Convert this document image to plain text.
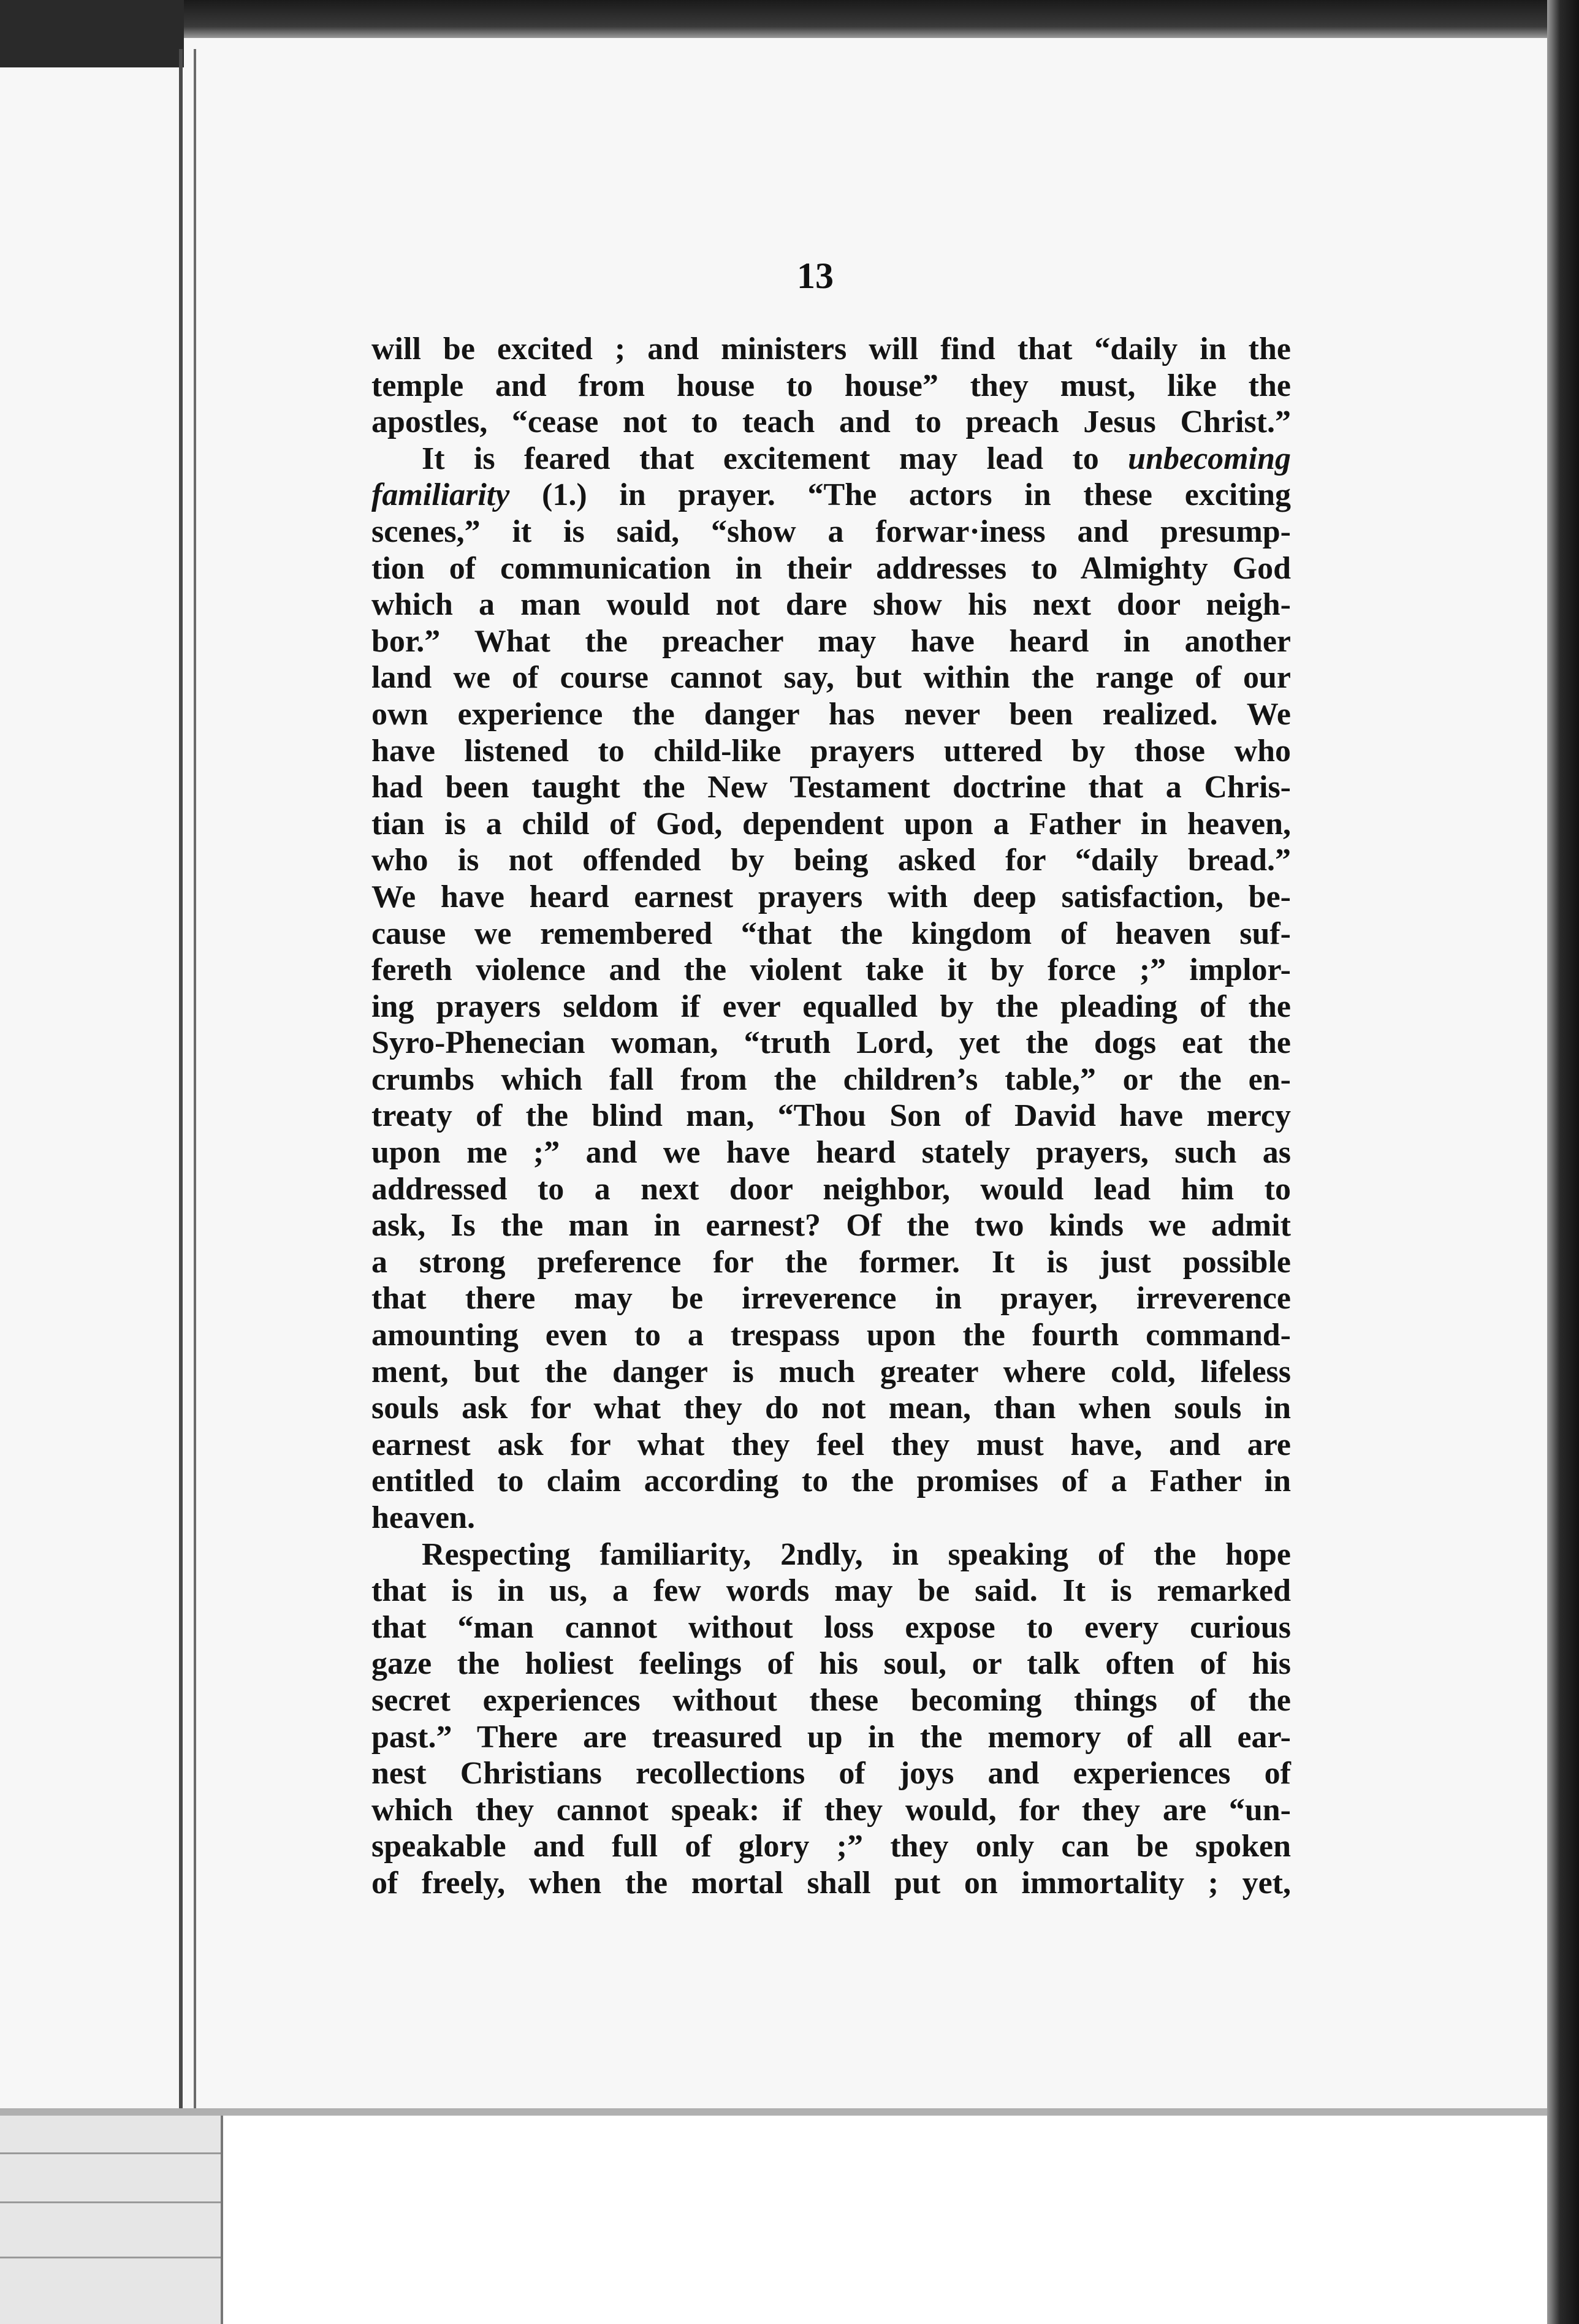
13
will be excited ; and ministers will find that “daily in the
temple and from house to house” they must, like the
apostles, “cease not to teach and to preach Jesus Christ.”
It is feared that excitement may lead to unbecoming
familiarity (1.) in prayer. “The actors in these exciting
scenes,” it is said, “show a forwar·iness and presump-
tion of communication in their addresses to Almighty God
which a man would not dare show his next door neigh-
bor.” What the preacher may have heard in another
land we of course cannot say, but within the range of our
own experience the danger has never been realized. We
have listened to child-like prayers uttered by those who
had been taught the New Testament doctrine that a Chris-
tian is a child of God, dependent upon a Father in heaven,
who is not offended by being asked for “daily bread.”
We have heard earnest prayers with deep satisfaction, be-
cause we remembered “that the kingdom of heaven suf-
fereth violence and the violent take it by force ;” implor-
ing prayers seldom if ever equalled by the pleading of the
Syro-Phenecian woman, “truth Lord, yet the dogs eat the
crumbs which fall from the children’s table,” or the en-
treaty of the blind man, “Thou Son of David have mercy
upon me ;” and we have heard stately prayers, such as
addressed to a next door neighbor, would lead him to
ask, Is the man in earnest? Of the two kinds we admit
a strong preference for the former. It is just possible
that there may be irreverence in prayer, irreverence
amounting even to a trespass upon the fourth command-
ment, but the danger is much greater where cold, lifeless
souls ask for what they do not mean, than when souls in
earnest ask for what they feel they must have, and are
entitled to claim according to the promises of a Father in
heaven.
Respecting familiarity, 2ndly, in speaking of the hope
that is in us, a few words may be said. It is remarked
that “man cannot without loss expose to every curious
gaze the holiest feelings of his soul, or talk often of his
secret experiences without these becoming things of the
past.” There are treasured up in the memory of all ear-
nest Christians recollections of joys and experiences of
which they cannot speak: if they would, for they are “un-
speakable and full of glory ;” they only can be spoken
of freely, when the mortal shall put on immortality ; yet,
